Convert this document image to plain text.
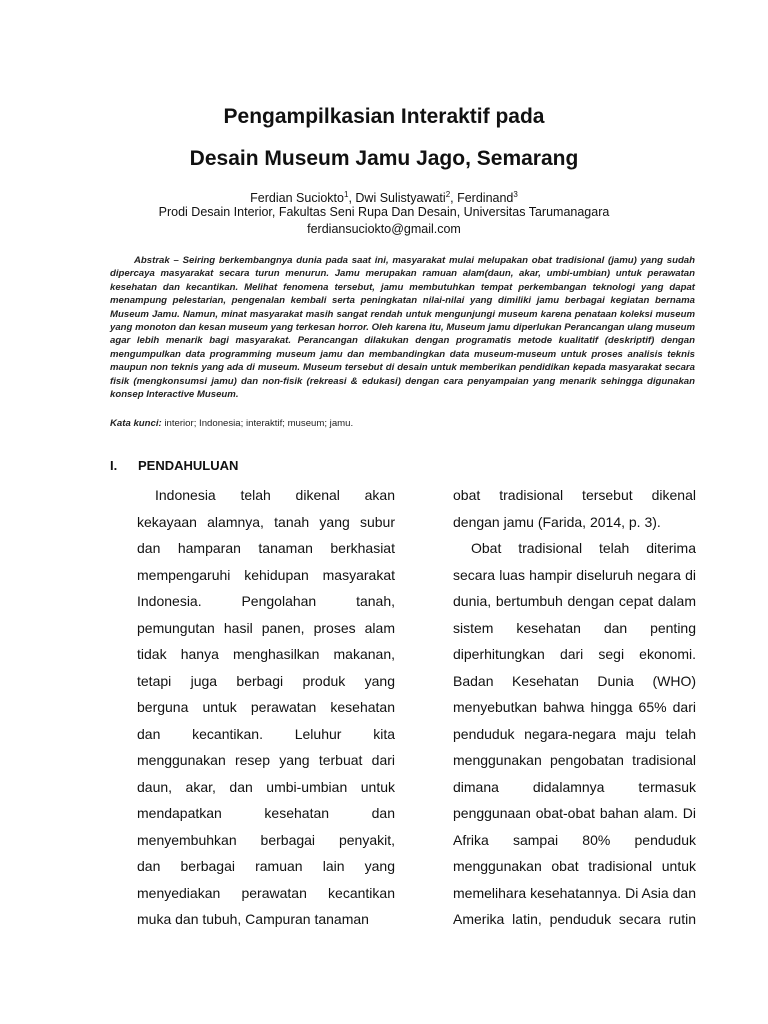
Pengampilkasian Interaktif pada
Desain Museum Jamu Jago, Semarang
Ferdian Suciokto$^1$, Dwi Sulistyawati$^2$, Ferdinand$^3$
Prodi Desain Interior, Fakultas Seni Rupa Dan Desain, Universitas Tarumanagara
ferdiansuciokto@gmail.com
Abstrak – Seiring berkembangnya dunia pada saat ini, masyarakat mulai melupakan obat tradisional (jamu) yang sudah dipercaya masyarakat secara turun menurun. Jamu merupakan ramuan alam(daun, akar, umbi-umbian) untuk perawatan kesehatan dan kecantikan. Melihat fenomena tersebut, jamu membutuhkan tempat perkembangan teknologi yang dapat menampung pelestarian, pengenalan kembali serta peningkatan nilai-nilai yang dimiliki jamu berbagai kegiatan bernama Museum Jamu. Namun, minat masyarakat masih sangat rendah untuk mengunjungi museum karena penataan koleksi museum yang monoton dan kesan museum yang terkesan horror. Oleh karena itu, Museum jamu diperlukan Perancangan ulang museum agar lebih menarik bagi masyarakat. Perancangan dilakukan dengan programatis metode kualitatif (deskriptif) dengan mengumpulkan data programming museum jamu dan membandingkan data museum-museum untuk proses analisis teknis maupun non teknis yang ada di museum. Museum tersebut di desain untuk memberikan pendidikan kepada masyarakat secara fisik (mengkonsumsi jamu) dan non-fisik (rekreasi & edukasi) dengan cara penyampaian yang menarik sehingga digunakan konsep Interactive Museum.
Kata kunci: interior; Indonesia; interaktif; museum; jamu.
I. PENDAHULUAN
Indonesia telah dikenal akan
kekayaan alamnya, tanah yang subur
dan hamparan tanaman berkhasiat
mempengaruhi kehidupan masyarakat
Indonesia. Pengolahan tanah,
pemungutan hasil panen, proses alam
tidak hanya menghasilkan makanan,
tetapi juga berbagi produk yang
berguna untuk perawatan kesehatan
dan kecantikan. Leluhur kita
menggunakan resep yang terbuat dari
daun, akar, dan umbi-umbian untuk
mendapatkan kesehatan dan
menyembuhkan berbagai penyakit,
dan berbagai ramuan lain yang
menyediakan perawatan kecantikan
muka dan tubuh, Campuran tanaman
obat tradisional tersebut dikenal
dengan jamu (Farida, 2014, p. 3).
Obat tradisional telah diterima
secara luas hampir diseluruh negara di
dunia, bertumbuh dengan cepat dalam
sistem kesehatan dan penting
diperhitungkan dari segi ekonomi.
Badan Kesehatan Dunia (WHO)
menyebutkan bahwa hingga 65% dari
penduduk negara-negara maju telah
menggunakan pengobatan tradisional
dimana didalamnya termasuk
penggunaan obat-obat bahan alam. Di
Afrika sampai 80% penduduk
menggunakan obat tradisional untuk
memelihara kesehatannya. Di Asia dan
Amerika latin, penduduk secara rutin
